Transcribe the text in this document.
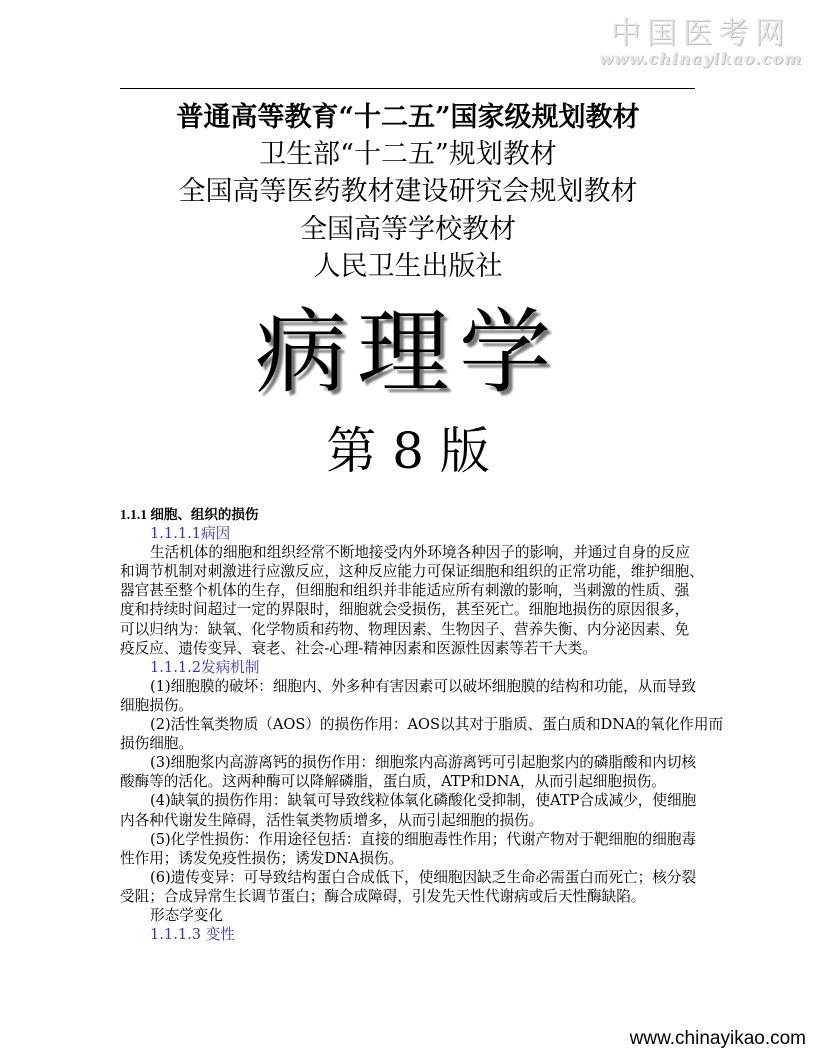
中国医考网
www.chinayikao.com
普通高等教育“十二五”国家级规划教材
卫生部“十二五”规划教材
全国高等医药教材建设研究会规划教材
全国高等学校教材
人民卫生出版社
病理学
第 8 版
1.1.1 细胞、组织的损伤
1.1.1.1病因
生活机体的细胞和组织经常不断地接受内外环境各种因子的影响，并通过自身的反应
和调节机制对刺激进行应激反应，这种反应能力可保证细胞和组织的正常功能，维护细胞、
器官甚至整个机体的生存，但细胞和组织并非能适应所有刺激的影响，当刺激的性质、强
度和持续时间超过一定的界限时，细胞就会受损伤，甚至死亡。细胞地损伤的原因很多，
可以归纳为：缺氧、化学物质和药物、物理因素、生物因子、营养失衡、内分泌因素、免
疫反应、遗传变异、衰老、社会-心理-精神因素和医源性因素等若干大类。
1.1.1.2发病机制
(1)细胞膜的破坏：细胞内、外多种有害因素可以破坏细胞膜的结构和功能，从而导致
细胞损伤。
(2)活性氧类物质（AOS）的损伤作用：AOS以其对于脂质、蛋白质和DNA的氧化作用而
损伤细胞。
(3)细胞浆内高游离钙的损伤作用：细胞浆内高游离钙可引起胞浆内的磷脂酸和内切核
酸酶等的活化。这两种酶可以降解磷脂，蛋白质，ATP和DNA，从而引起细胞损伤。
(4)缺氧的损伤作用：缺氧可导致线粒体氧化磷酸化受抑制，使ATP合成减少，使细胞
内各种代谢发生障碍，活性氧类物质增多，从而引起细胞的损伤。
(5)化学性损伤：作用途径包括：直接的细胞毒性作用；代谢产物对于靶细胞的细胞毒
性作用；诱发免疫性损伤；诱发DNA损伤。
(6)遗传变异：可导致结构蛋白合成低下，使细胞因缺乏生命必需蛋白而死亡；核分裂
受阻；合成异常生长调节蛋白；酶合成障碍，引发先天性代谢病或后天性酶缺陷。
形态学变化
1.1.1.3 变性
www.chinayikao.com
